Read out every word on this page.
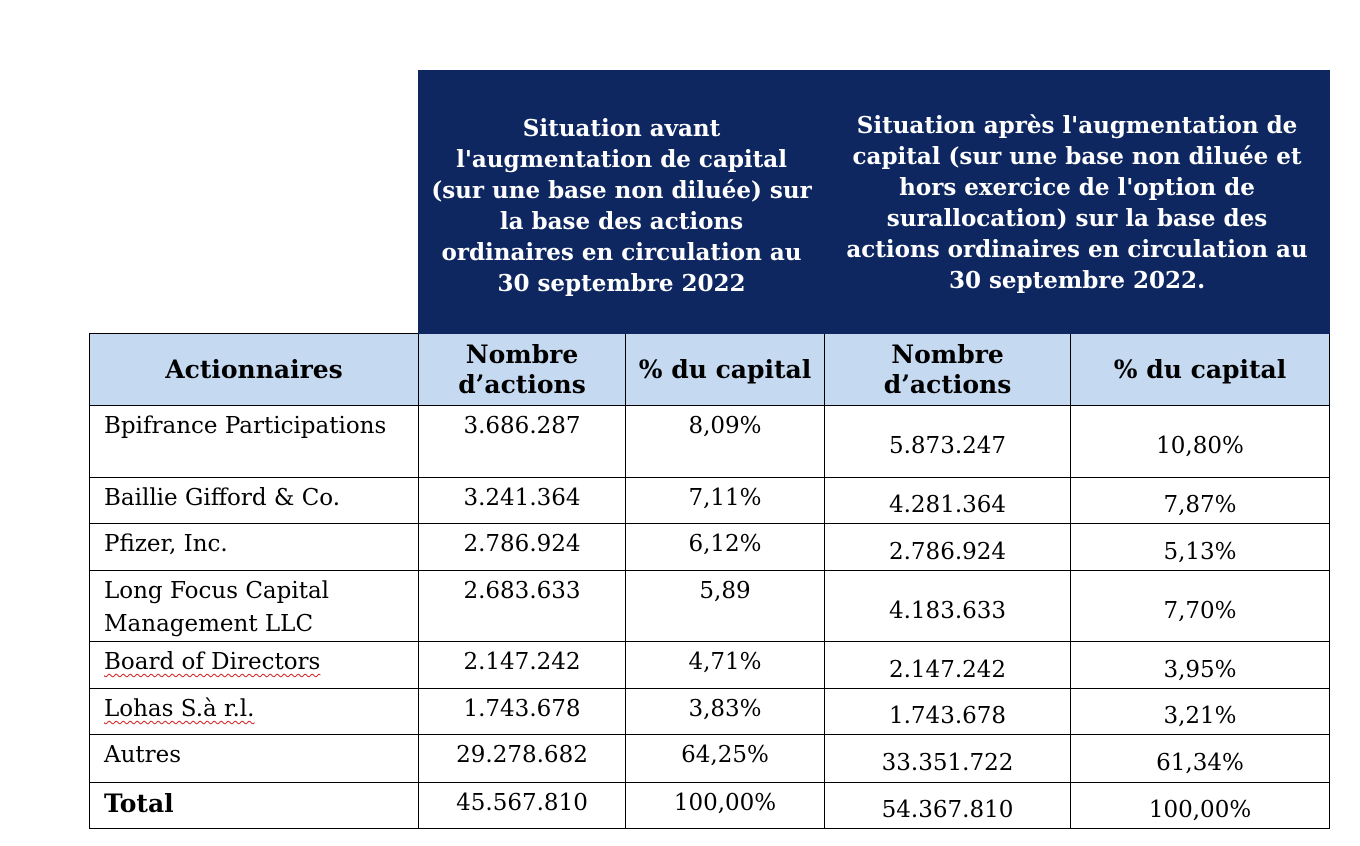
	Situation avant l'augmentation de capital (sur une base non diluée) sur la base des actions ordinaires en circulation au 30 septembre 2022		Situation après l'augmentation de capital (sur une base non diluée et hors exercice de l'option de surallocation) sur la base des actions ordinaires en circulation au 30 septembre 2022.	
Actionnaires	Nombre d’actions	% du capital	Nombre d’actions	% du capital
Bpifrance Participations	3.686.287	8,09%	5.873.247	10,80%
Baillie Gifford & Co.	3.241.364	7,11%	4.281.364	7,87%
Pfizer, Inc.	2.786.924	6,12%	2.786.924	5,13%
Long Focus Capital Management LLC	2.683.633	5,89	4.183.633	7,70%
Board of Directors	2.147.242	4,71%	2.147.242	3,95%
Lohas S.à r.l.	1.743.678	3,83%	1.743.678	3,21%
Autres	29.278.682	64,25%	33.351.722	61,34%
Total	45.567.810	100,00%	54.367.810	100,00%
